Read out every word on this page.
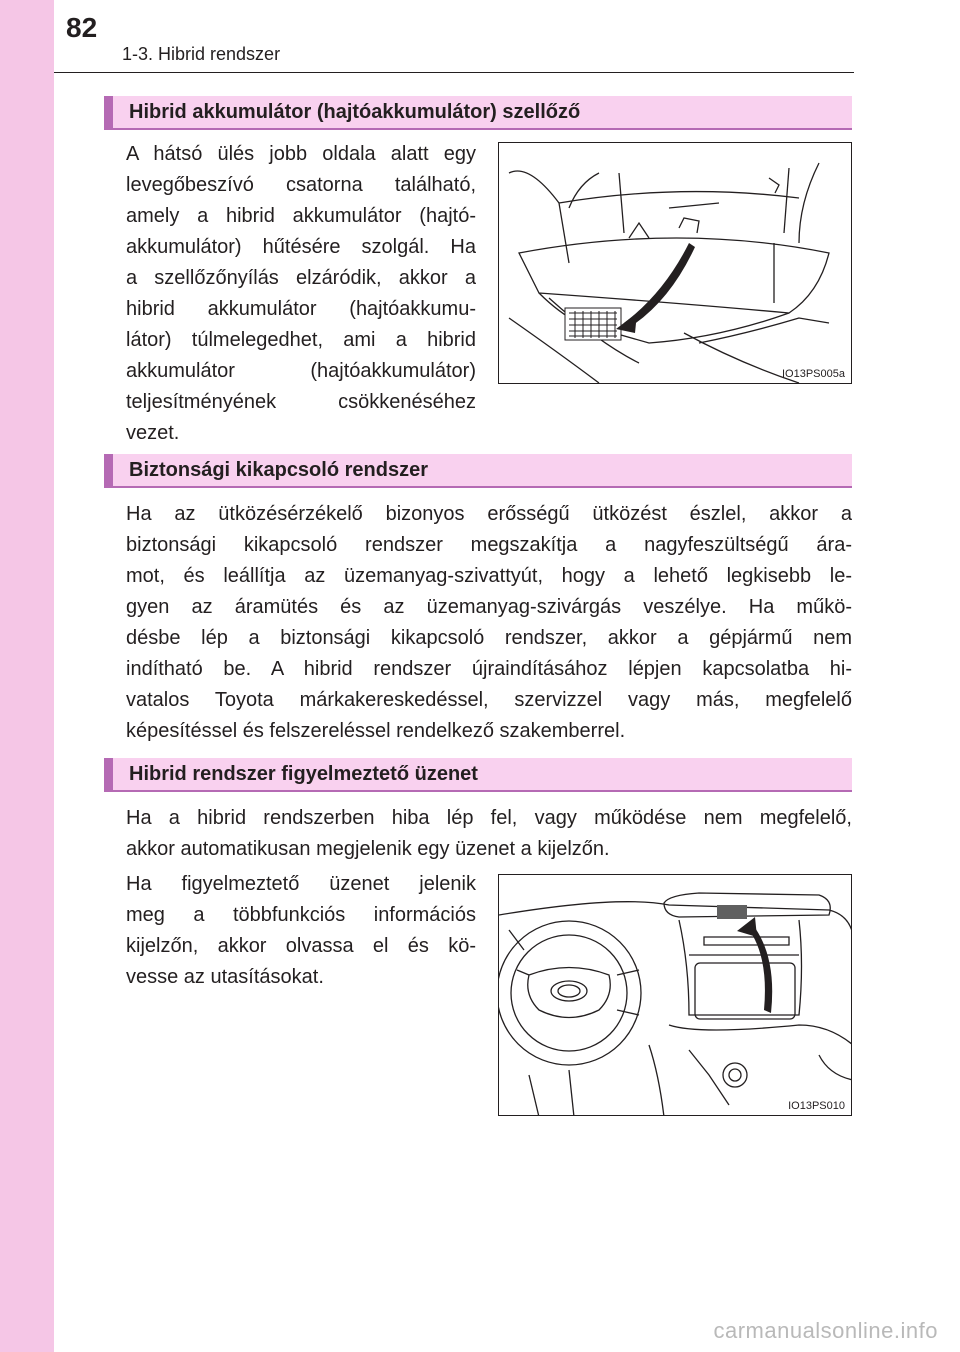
82
1-3. Hibrid rendszer
Hibrid akkumulátor (hajtóakkumulátor) szellőző
A hátsó ülés jobb oldala alatt egy
levegőbeszívó csatorna található,
amely a hibrid akkumulátor (hajtó-
akkumulátor) hűtésére szolgál. Ha
a szellőzőnyílás elzáródik, akkor a
hibrid akkumulátor (hajtóakkumu-
látor) túlmelegedhet, ami a hibrid
akkumulátor (hajtóakkumulátor)
teljesítményének csökkenéséhez
vezet.
IO13PS005a
Biztonsági kikapcsoló rendszer
Ha az ütközésérzékelő bizonyos erősségű ütközést észlel, akkor a
biztonsági kikapcsoló rendszer megszakítja a nagyfeszültségű ára-
mot, és leállítja az üzemanyag-szivattyút, hogy a lehető legkisebb le-
gyen az áramütés és az üzemanyag-szivárgás veszélye. Ha műkö-
désbe lép a biztonsági kikapcsoló rendszer, akkor a gépjármű nem
indítható be. A hibrid rendszer újraindításához lépjen kapcsolatba hi-
vatalos Toyota márkakereskedéssel, szervizzel vagy más, megfelelő
képesítéssel és felszereléssel rendelkező szakemberrel.
Hibrid rendszer figyelmeztető üzenet
Ha a hibrid rendszerben hiba lép fel, vagy működése nem megfelelő,
akkor automatikusan megjelenik egy üzenet a kijelzőn.
Ha figyelmeztető üzenet jelenik
meg a többfunkciós információs
kijelzőn, akkor olvassa el és kö-
vesse az utasításokat.
IO13PS010
carmanualsonline.info
